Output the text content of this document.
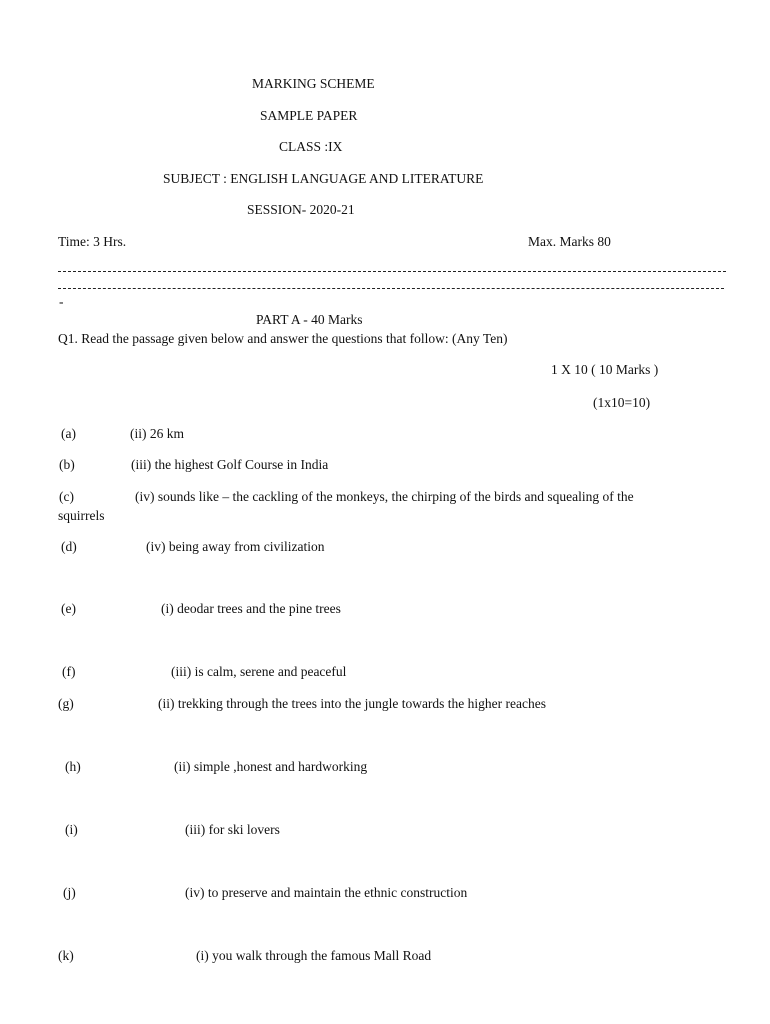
MARKING SCHEME
SAMPLE PAPER
CLASS :IX
SUBJECT : ENGLISH LANGUAGE AND LITERATURE
SESSION- 2020-21
Time: 3 Hrs.	Max. Marks 80
-
PART A - 40 Marks
Q1. Read the passage given below and answer the questions that follow: (Any Ten)
1 X 10 ( 10 Marks )
(1x10=10)
(a)	(ii) 26 km
(b)	(iii) the highest Golf Course in India
(c)	(iv) sounds like – the cackling of the monkeys, the chirping of the birds and squealing of the
squirrels
(d)	(iv) being away from civilization
(e)	(i) deodar trees and the pine trees
(f)	(iii) is calm, serene and peaceful
(g)	(ii) trekking through the trees into the jungle towards the higher reaches
(h)	(ii) simple ,honest and hardworking
(i)	(iii) for ski lovers
(j)	(iv) to preserve and maintain the ethnic construction
(k)	(i) you walk through the famous Mall Road
